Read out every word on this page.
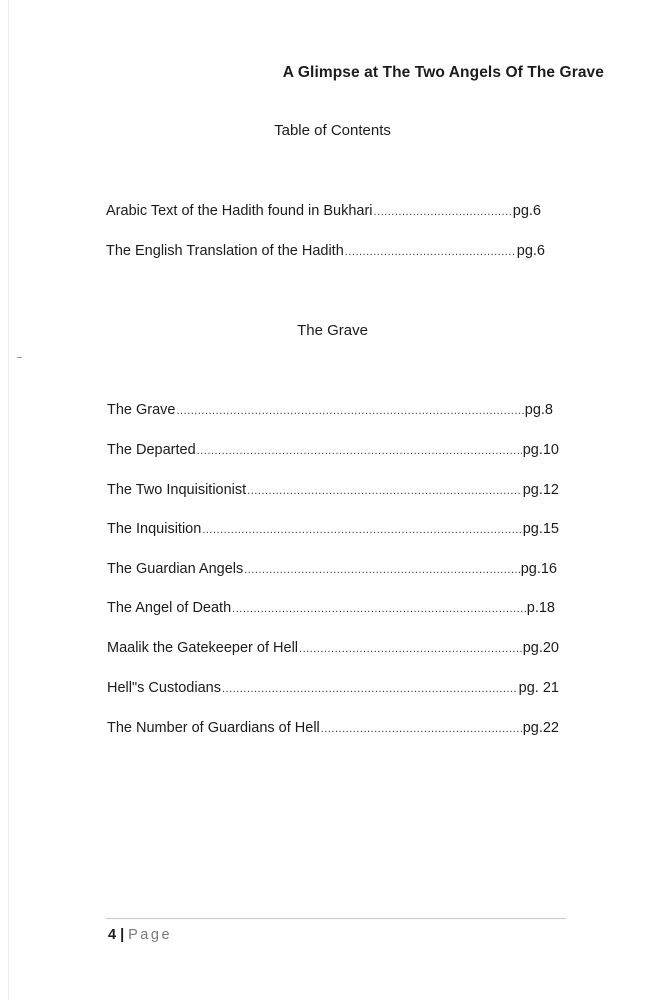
A Glimpse at The Two Angels Of The Grave
Table of Contents
Arabic Text of the Hadith found in Bukhari .....	pg.6
The English Translation of the Hadith .....	pg.6
The Grave
The Grave .....	pg.8
The Departed .....	pg.10
The Two Inquisitionist .....	pg.12
The Inquisition .....	pg.15
The Guardian Angels .....	pg.16
The Angel of Death .....	p.18
Maalik the Gatekeeper of Hell .....	pg.20
Hell"s Custodians .....	pg. 21
The Number of Guardians of Hell .....	pg.22
4 | Page
